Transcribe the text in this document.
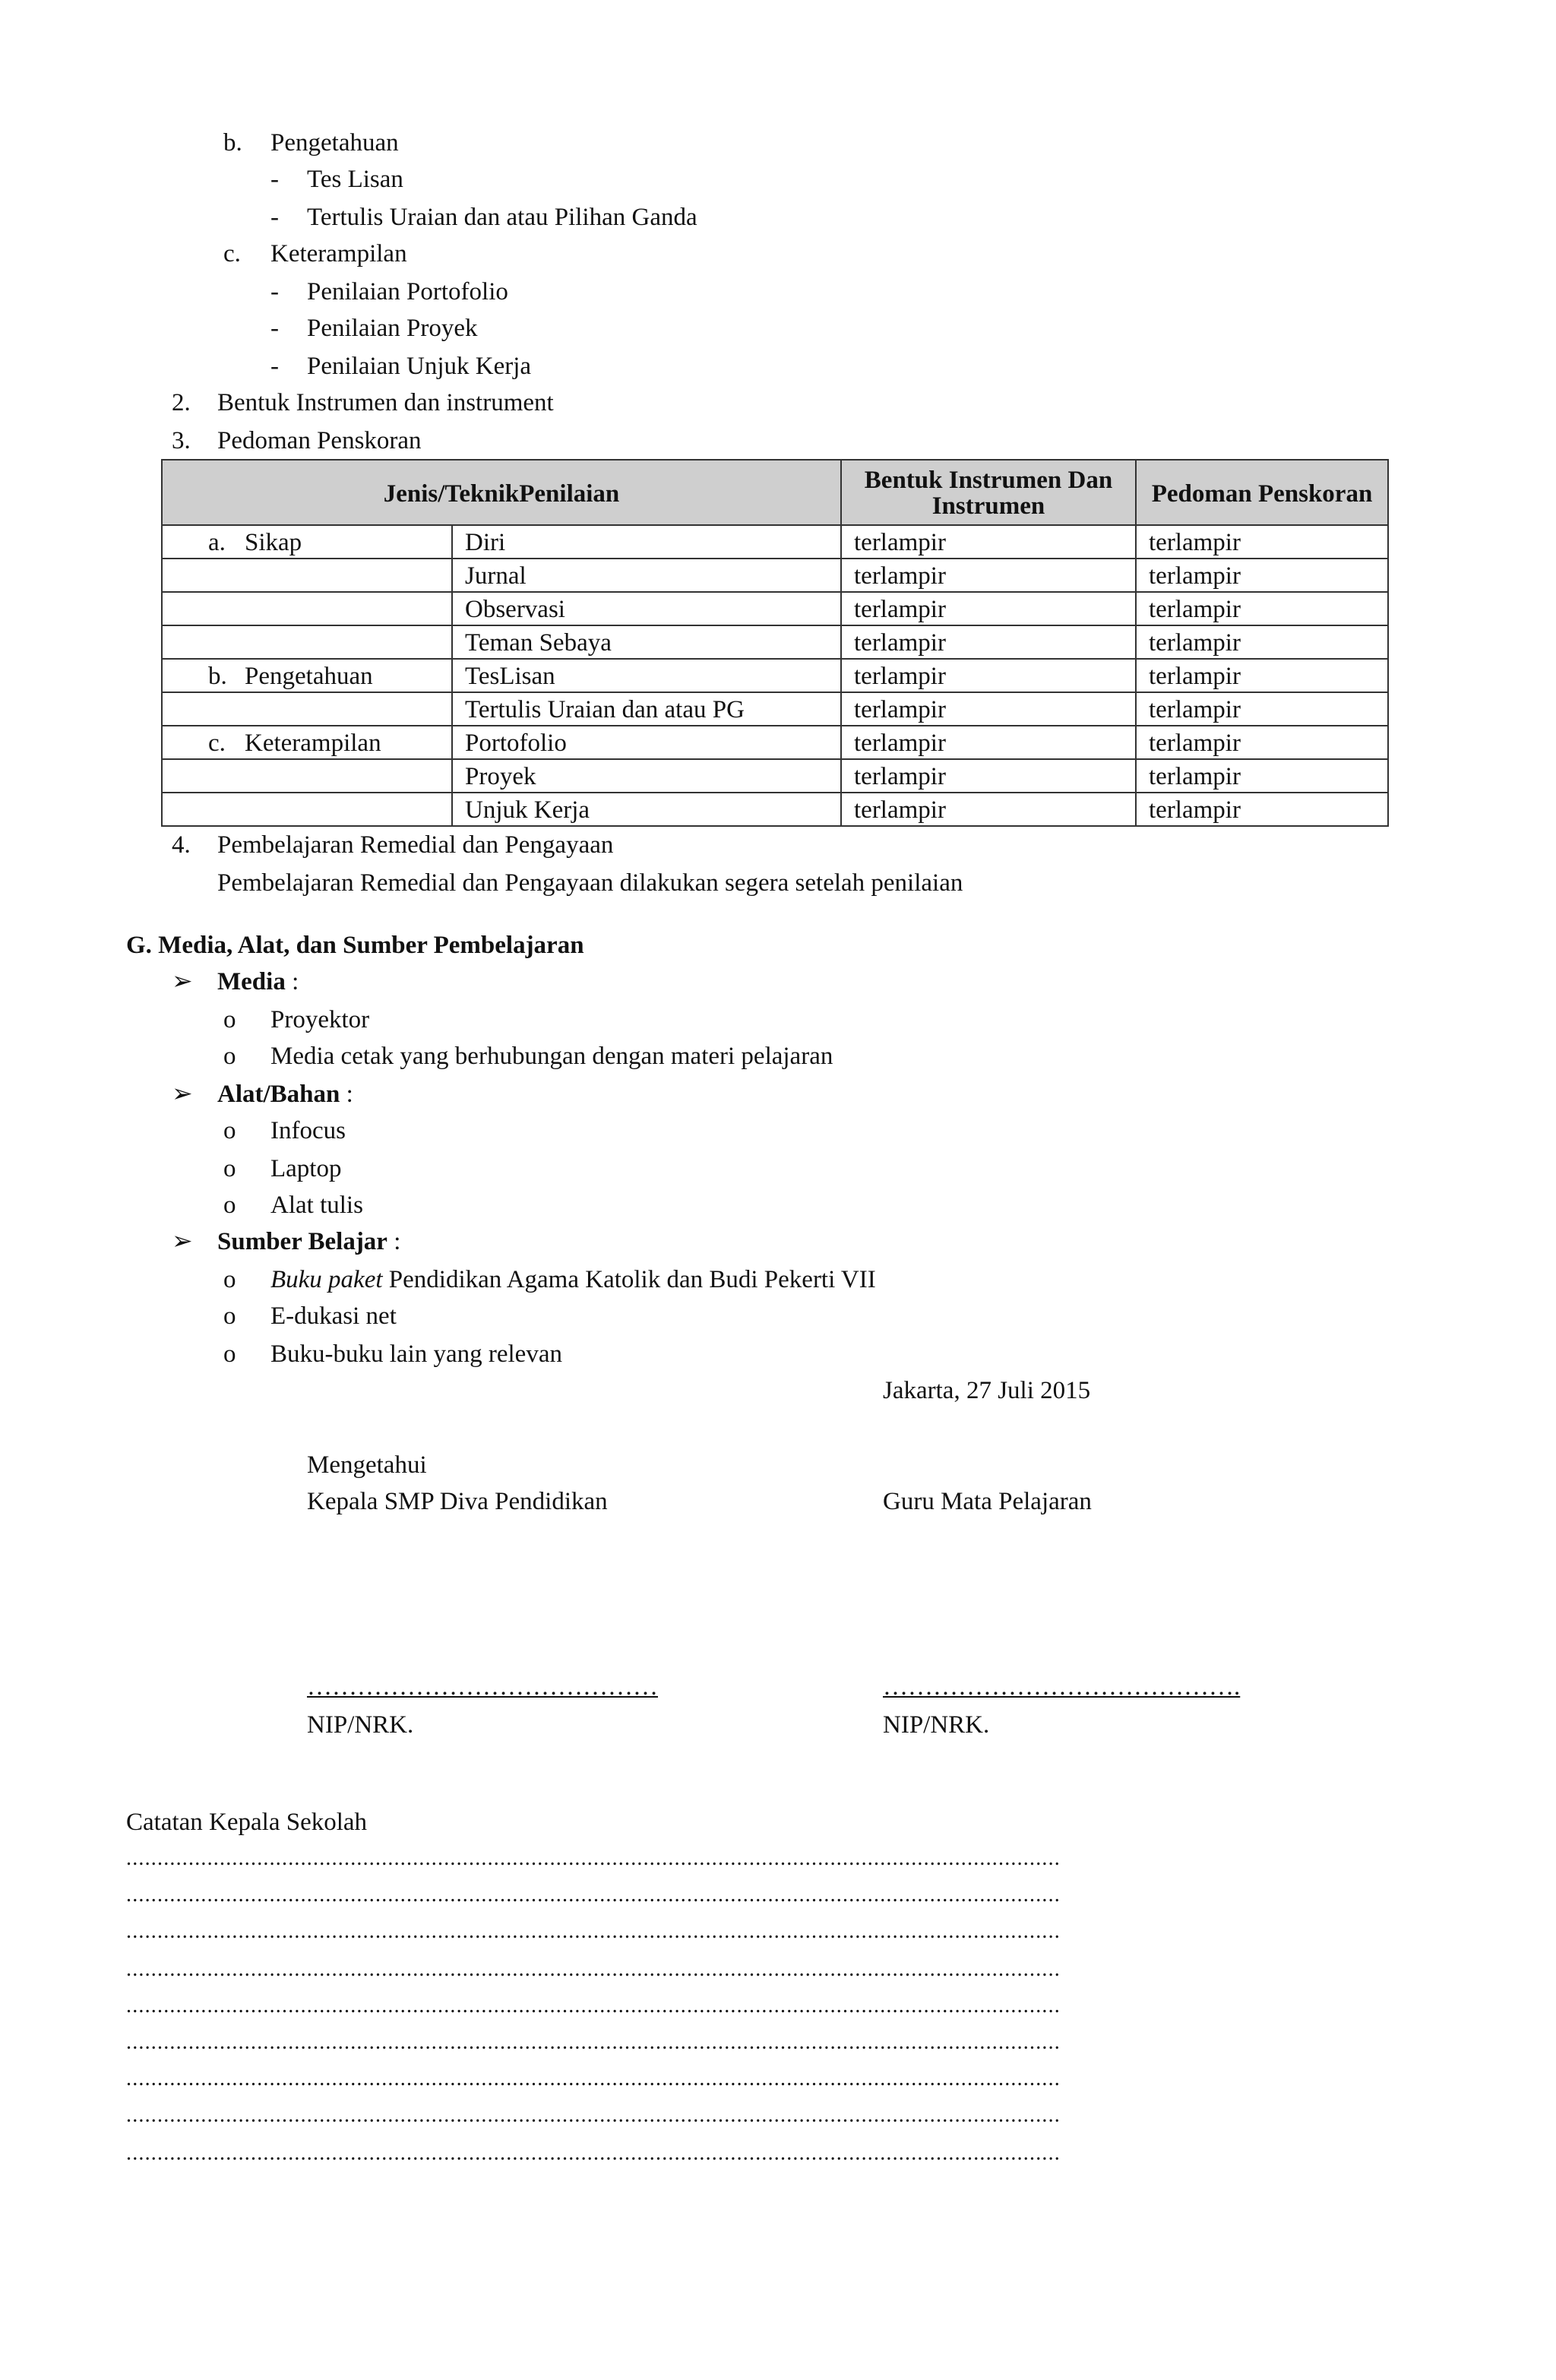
b. Pengetahuan
- Tes Lisan
- Tertulis Uraian dan atau Pilihan Ganda
c. Keterampilan
- Penilaian Portofolio
- Penilaian Proyek
- Penilaian Unjuk Kerja
2. Bentuk Instrumen dan instrument
3. Pedoman Penskoran
Jenis/TeknikPenilaian		Bentuk Instrumen Dan Instrumen	Pedoman Penskoran
a. Sikap	Diri	terlampir	terlampir
	Jurnal	terlampir	terlampir
	Observasi	terlampir	terlampir
	Teman Sebaya	terlampir	terlampir
b. Pengetahuan	TesLisan	terlampir	terlampir
	Tertulis Uraian dan atau PG	terlampir	terlampir
c. Keterampilan	Portofolio	terlampir	terlampir
	Proyek	terlampir	terlampir
	Unjuk Kerja	terlampir	terlampir
4. Pembelajaran Remedial dan Pengayaan
Pembelajaran Remedial dan Pengayaan dilakukan segera setelah penilaian
G. Media, Alat, dan Sumber Pembelajaran
➢ Media :
o	Proyektor
o	Media cetak yang berhubungan dengan materi pelajaran
➢ Alat/Bahan :
o	Infocus
o	Laptop
o	Alat tulis
➢ Sumber Belajar :
o	Buku paket Pendidikan Agama Katolik dan Budi Pekerti VII
o	E-dukasi net
o	Buku-buku lain yang relevan
Jakarta, 27 Juli 2015
Mengetahui
Kepala SMP Diva Pendidikan	Guru Mata Pelajaran
……………………………………	…………………………………….
NIP/NRK.	NIP/NRK.
Catatan Kepala Sekolah
......................................................................................................................................................
......................................................................................................................................................
......................................................................................................................................................
......................................................................................................................................................
......................................................................................................................................................
......................................................................................................................................................
......................................................................................................................................................
......................................................................................................................................................
......................................................................................................................................................
